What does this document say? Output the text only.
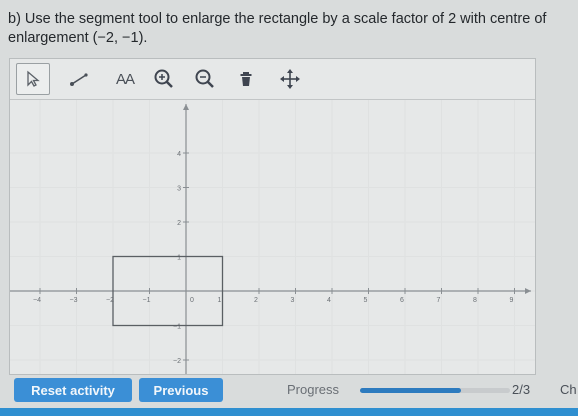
b) Use the segment tool to enlarge the rectangle by a scale factor of 2 with centre of enlargement (−2, −1).
AA
−4	−3	−2	−1	0	1	2	3	4	5	6	7	8	9
−2
−1
1
2
3
4
Reset activity	Previous	Progress	2/3 Ch
